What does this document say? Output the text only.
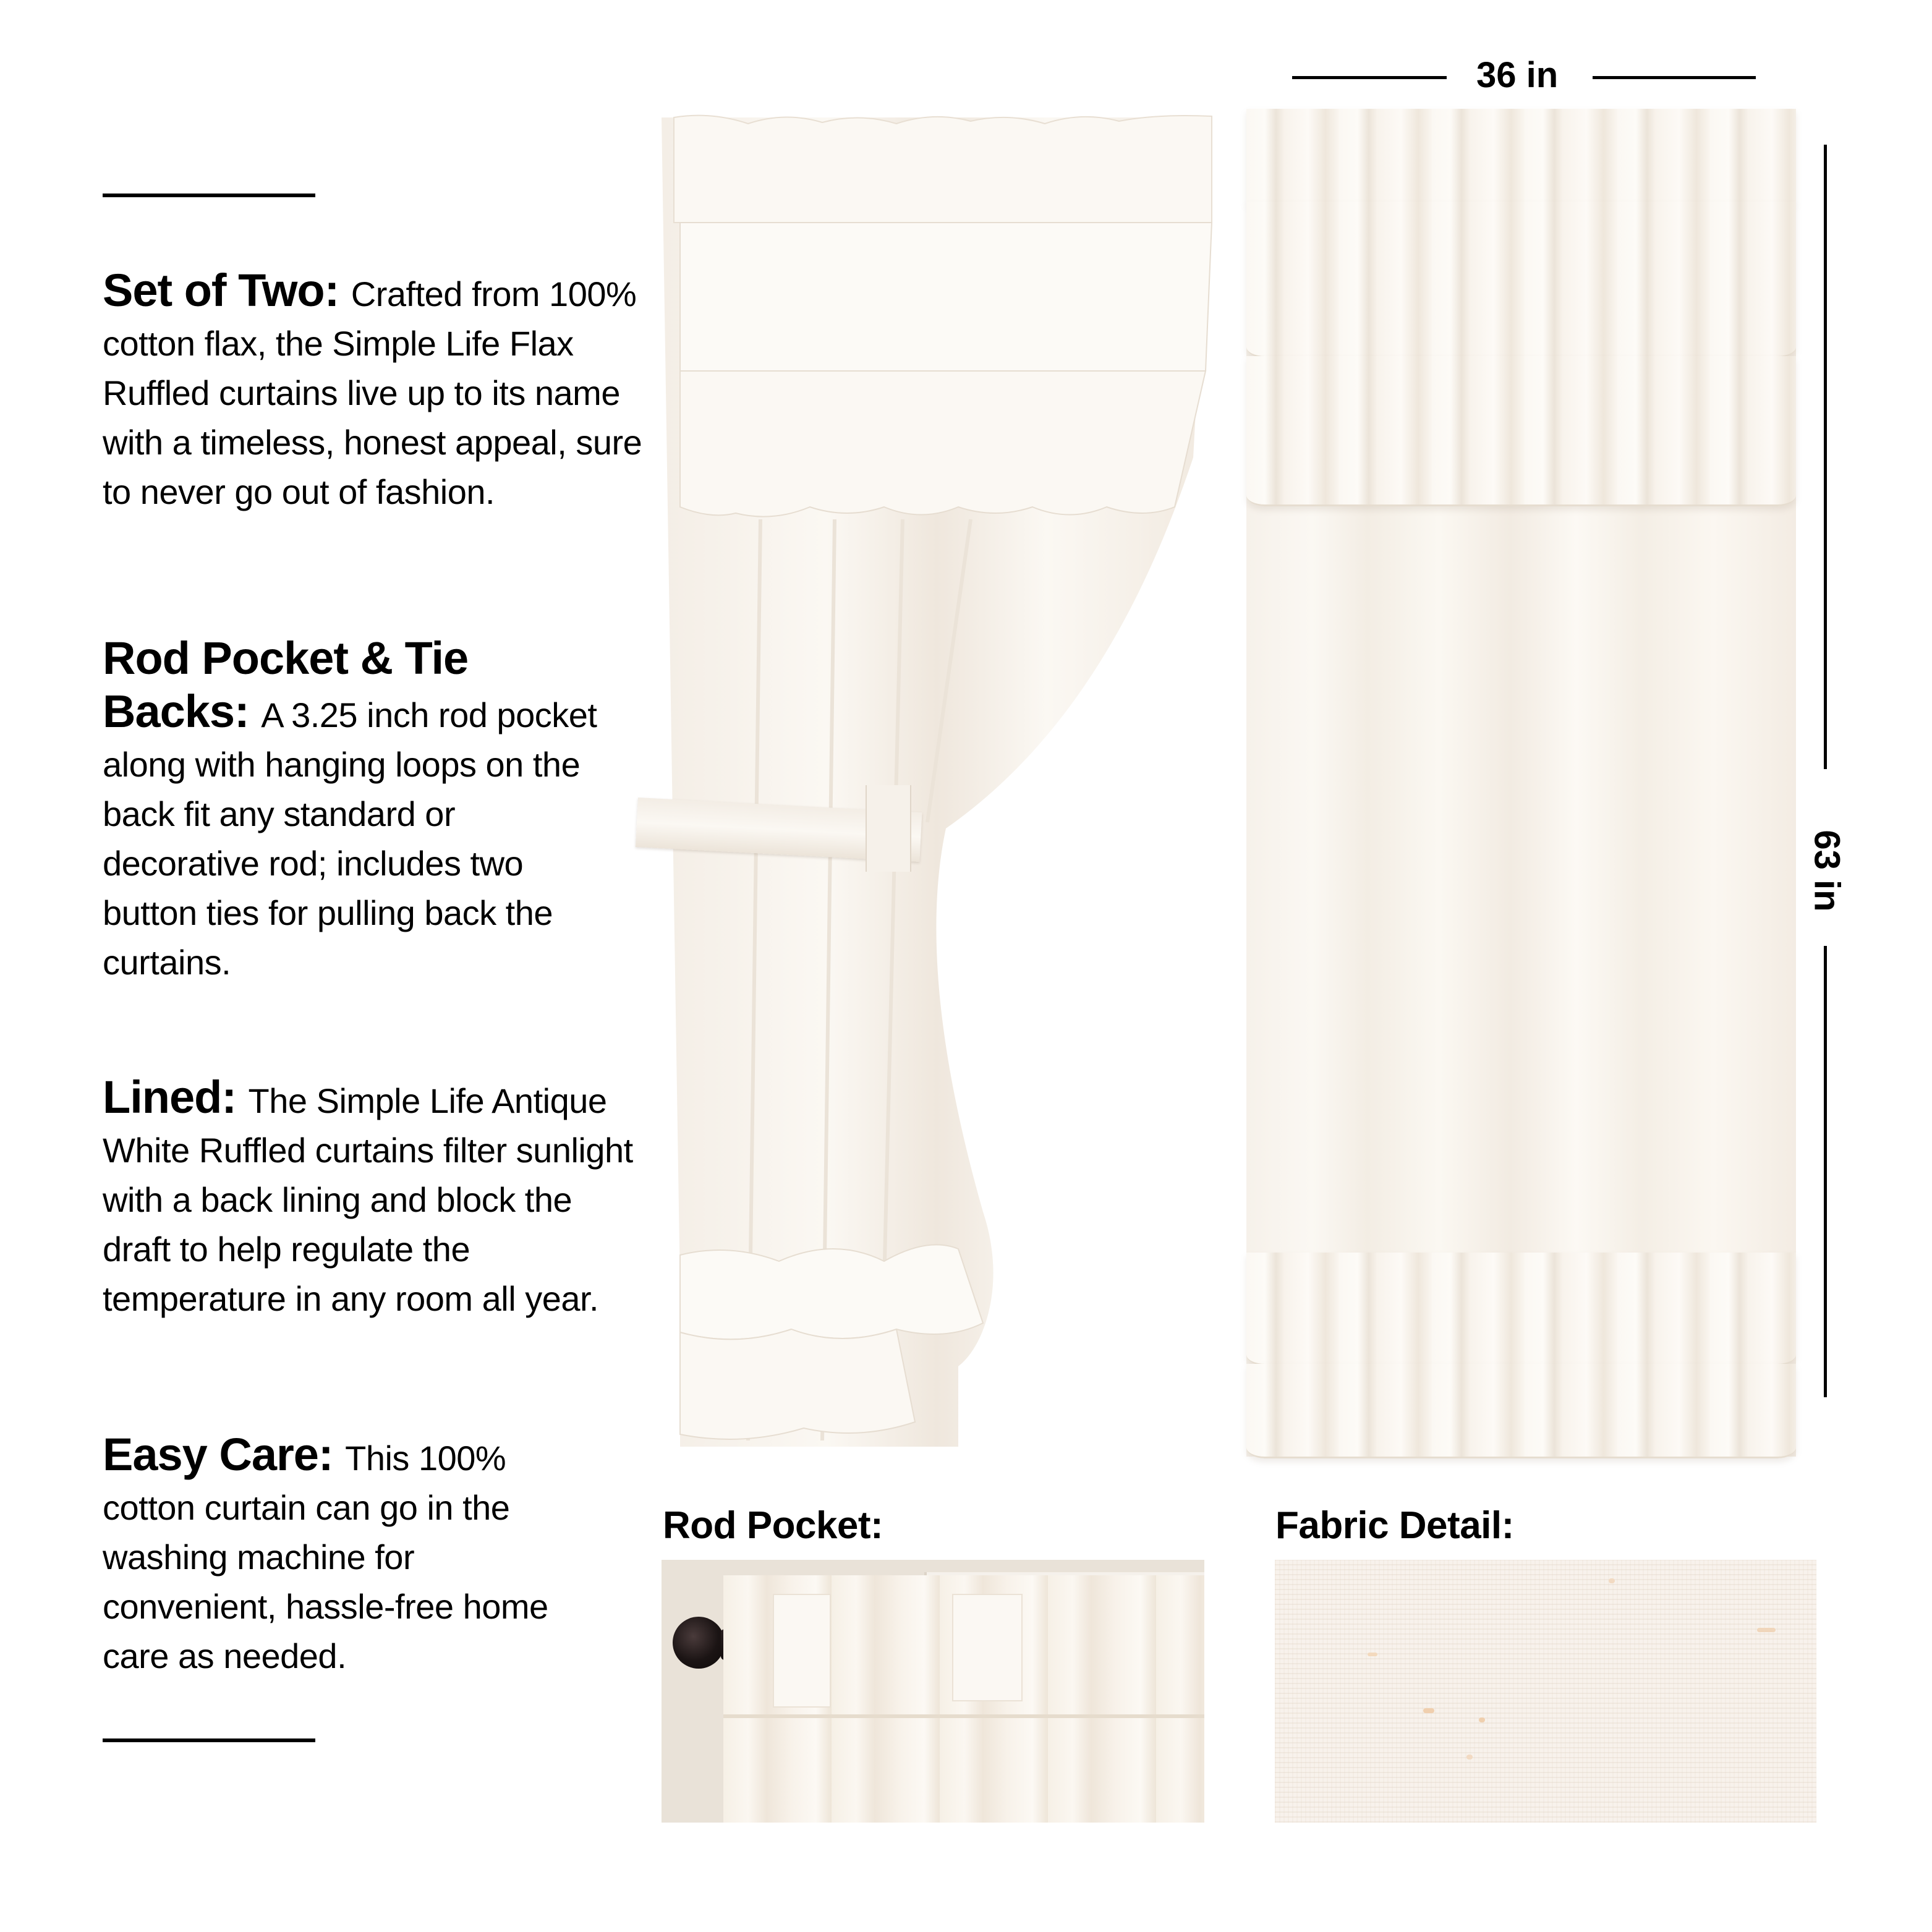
Set of Two: Crafted from 100% cotton flax, the Simple Life Flax Ruffled curtains live up to its name with a timeless, honest appeal, sure to never go out of fashion.
Rod Pocket & Tie Backs: A 3.25 inch rod pocket along with hanging loops on the back fit any standard or decorative rod; includes two button ties for pulling back the curtains.
Lined: The Simple Life Antique White Ruffled curtains filter sunlight with a back lining and block the draft to help regulate the temperature in any room all year.
Easy Care: This 100% cotton curtain can go in the washing machine for convenient, hassle-free home care as needed.
36 in
63 in
Rod Pocket:	Fabric Detail:
